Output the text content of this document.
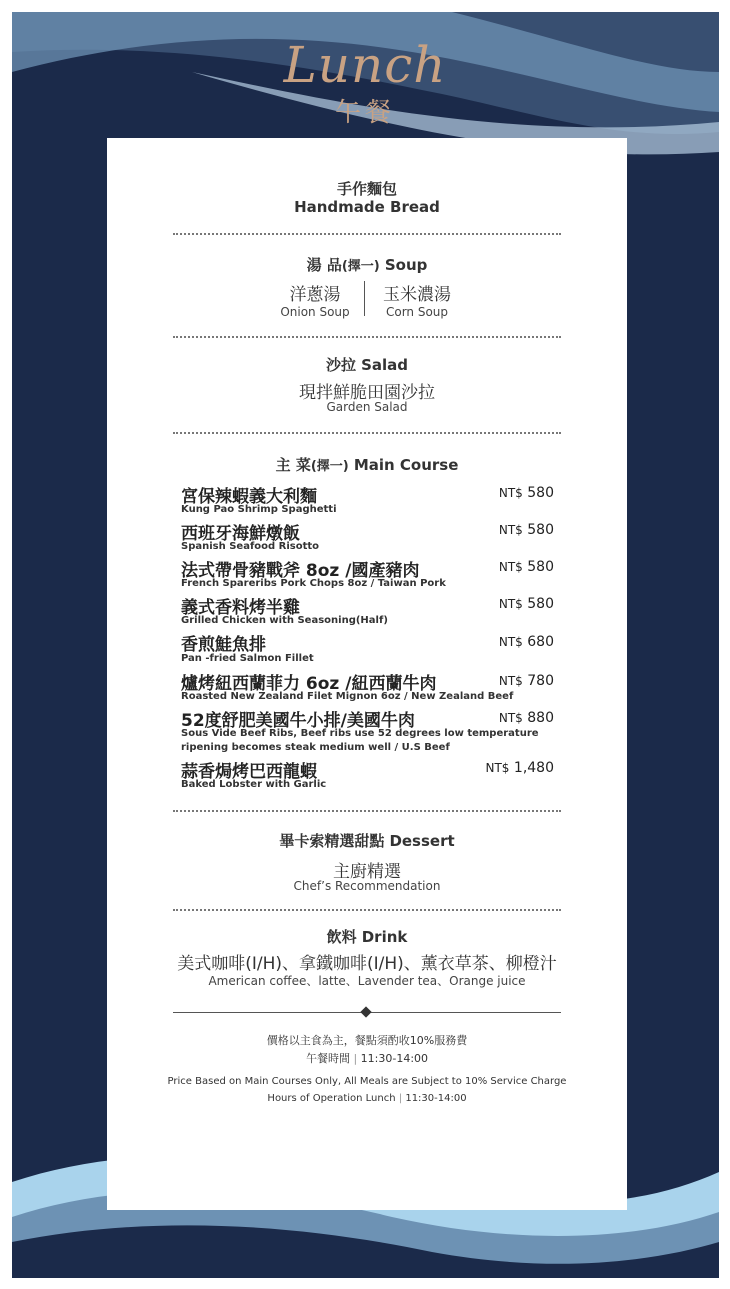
Lunch
午餐
手作麵包
Handmade Bread
湯 品(擇一) Soup
洋蔥湯
Onion Soup
玉米濃湯
Corn Soup
沙拉 Salad
現拌鮮脆田園沙拉
Garden Salad
主 菜(擇一) Main Course
宮保辣蝦義大利麵
Kung Pao Shrimp Spaghetti
NT$ 580
西班牙海鮮燉飯
Spanish Seafood Risotto
NT$ 580
法式帶骨豬戰斧 8oz /國產豬肉
French Spareribs Pork Chops 8oz / Taiwan Pork
NT$ 580
義式香料烤半雞
Grilled Chicken with Seasoning(Half)
NT$ 580
香煎鮭魚排
Pan -fried Salmon Fillet
NT$ 680
爐烤紐西蘭菲力 6oz /紐西蘭牛肉
Roasted New Zealand Filet Mignon 6oz / New Zealand Beef
NT$ 780
52度舒肥美國牛小排/美國牛肉
Sous Vide Beef Ribs, Beef ribs use 52 degrees low temperature
ripening becomes steak medium well / U.S Beef
NT$ 880
蒜香焗烤巴西龍蝦
Baked Lobster with Garlic
NT$ 1,480
畢卡索精選甜點 Dessert
主廚精選
Chef’s Recommendation
飲料 Drink
美式咖啡(I/H)、拿鐵咖啡(I/H)、薰衣草茶、柳橙汁
American coffee、latte、Lavender tea、Orange juice
價格以主食為主，餐點須酌收10%服務費
午餐時間 | 11:30-14:00
Price Based on Main Courses Only, All Meals are Subject to 10% Service Charge
Hours of Operation Lunch | 11:30-14:00
